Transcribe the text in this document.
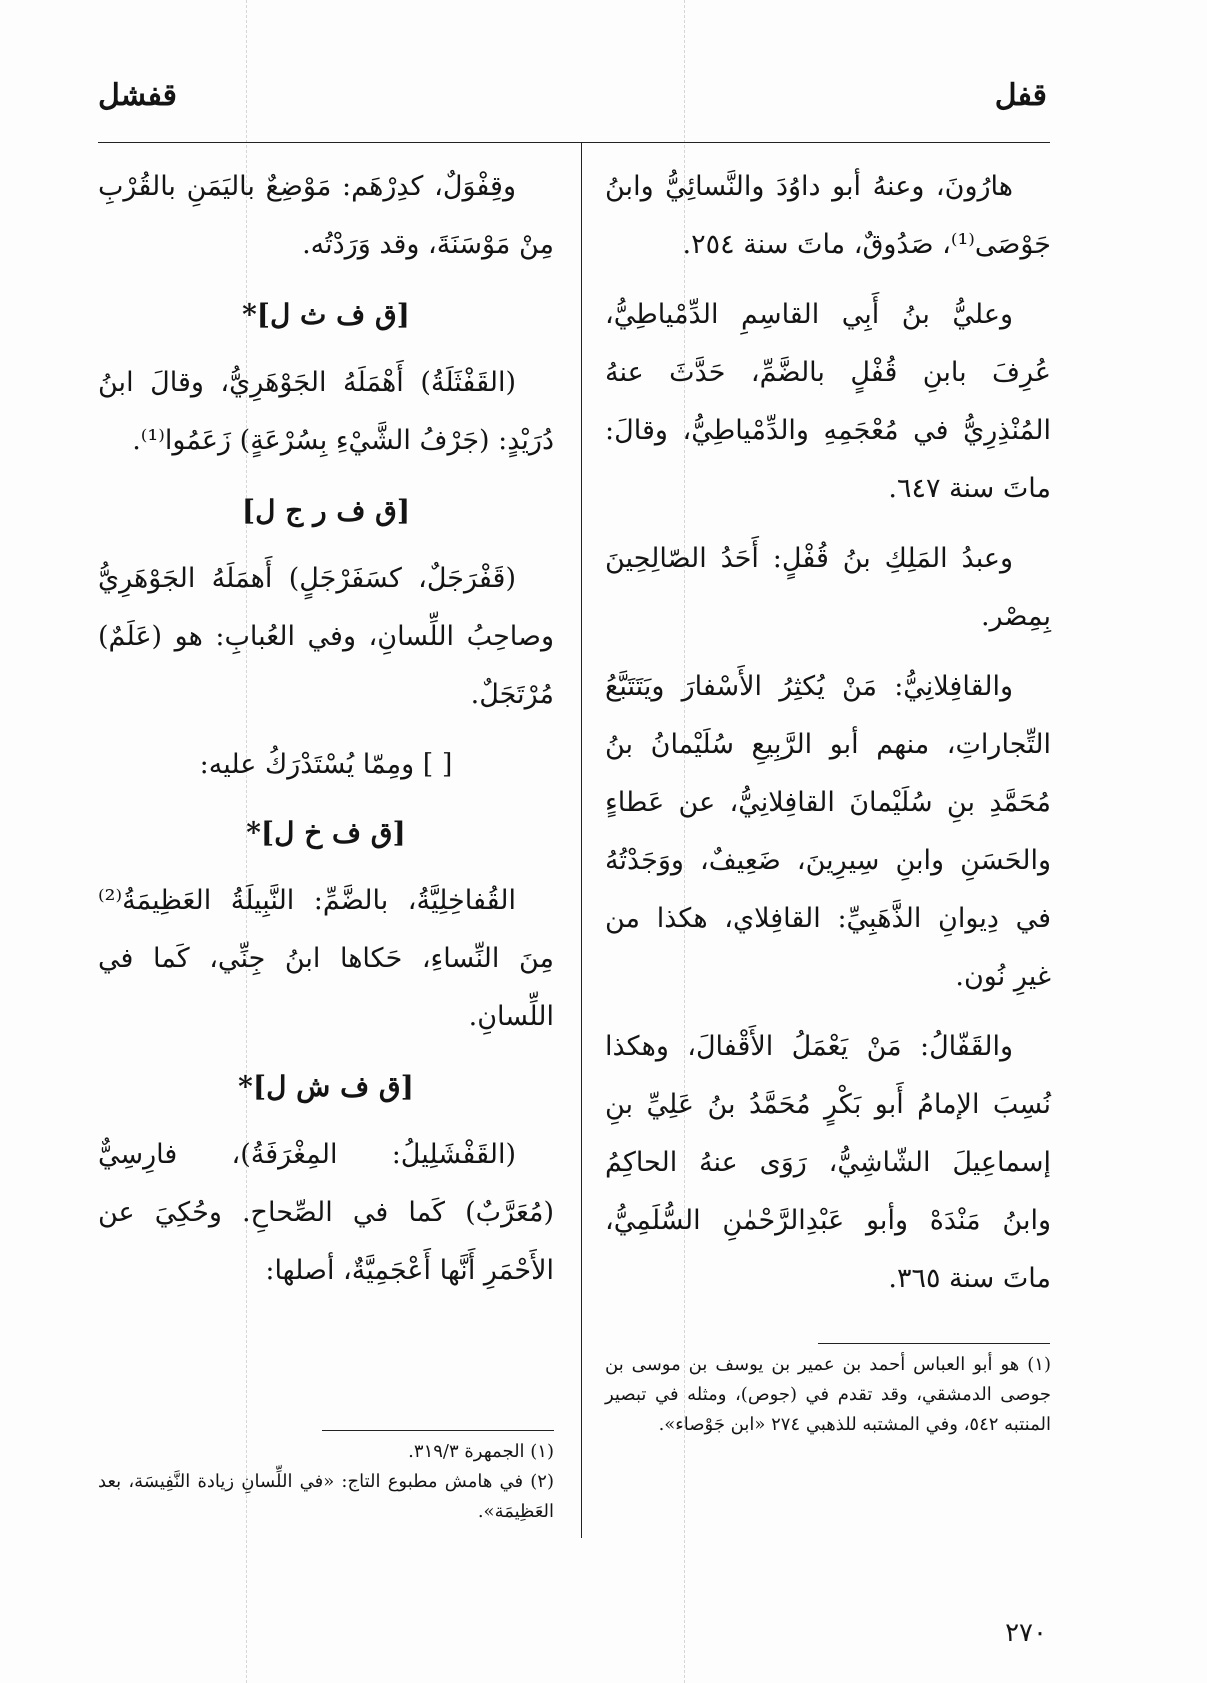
قفل
قفشل

هارُونَ، وعنهُ أبو داوُدَ والنَّسائِيُّ وابنُ جَوْصَى⁽¹⁾، صَدُوقٌ، ماتَ سنة ٢٥٤.

وعليُّ بنُ أَبِي القاسِمِ الدِّمْياطِيُّ، عُرِفَ بابنِ قُفْلٍ بالضَّمِّ، حَدَّثَ عنهُ المُنْذِرِيُّ في مُعْجَمِهِ والدِّمْياطِيُّ، وقالَ: ماتَ سنة ٦٤٧.

وعبدُ المَلِكِ بنُ قُفْلٍ: أَحَدُ الصّالِحِينَ بِمِصْر.

والقافِلانِيُّ: مَنْ يُكثِرُ الأَسْفارَ ويَتَتَبَّعُ التِّجاراتِ، منهم أبو الرَّبِيعِ سُلَيْمانُ بنُ مُحَمَّدِ بنِ سُلَيْمانَ القافِلانِيُّ، عن عَطاءٍ والحَسَنِ وابنِ سِيرِينَ، ضَعِيفٌ، ووَجَدْتُهُ في دِيوانِ الذَّهَبِيِّ: القافِلاي، هكذا من غيرِ نُون.

والقَفّالُ: مَنْ يَعْمَلُ الأَقْفالَ، وهكذا نُسِبَ الإمامُ أَبو بَكْرٍ مُحَمَّدُ بنُ عَلِيِّ بنِ إسماعِيلَ الشّاشِيُّ، رَوَى عنهُ الحاكِمُ وابنُ مَنْدَهْ وأبو عَبْدِالرَّحْمٰنِ السُّلَمِيُّ، ماتَ سنة ٣٦٥.

(١) هو أبو العباس أحمد بن عمير بن يوسف بن موسى بن جوصى الدمشقي، وقد تقدم في (جوص)، ومثله في تبصير المنتبه ٥٤٢، وفي المشتبه للذهبي ٢٧٤ «ابن جَوْصاء».

وقِفْوَلٌ، كدِرْهَم: مَوْضِعٌ باليَمَنِ بالقُرْبِ مِنْ مَوْسَنَةَ، وقد وَرَدْتُه.

[ق ف ث ل]*

(القَفْثَلَةُ) أَهْمَلَهُ الجَوْهَرِيُّ، وقالَ ابنُ دُرَيْدٍ: (جَرْفُ الشَّيْءِ بِسُرْعَةٍ) زَعَمُوا⁽¹⁾.

[ق ف ر ج ل]

(قَفْرَجَلٌ، كسَفَرْجَلٍ) أَهمَلَهُ الجَوْهَرِيُّ وصاحِبُ اللِّسانِ، وفي العُبابِ: هو (عَلَمٌ) مُرْتَجَلٌ.

[ ] ومِمّا يُسْتَدْرَكُ عليه:
[ق ف خ ل]*

القُفاخِلِيَّةُ، بالضَّمِّ: النَّبِيلَةُ العَظِيمَةُ⁽²⁾ مِنَ النِّساءِ، حَكاها ابنُ جِنِّي، كَما في اللِّسانِ.

[ق ف ش ل]*

(القَفْشَلِيلُ: المِغْرَفَةُ)، فارِسِيٌّ (مُعَرَّبٌ) كَما في الصِّحاحِ. وحُكِيَ عن الأَحْمَرِ أَنَّها أَعْجَمِيَّةٌ، أصلها:

(١) الجمهرة ٣١٩/٣.

(٢) في هامش مطبوع التاج: «في اللِّسانِ زيادة النَّفِيسَة، بعد العَظِيمَة».

٢٧٠
